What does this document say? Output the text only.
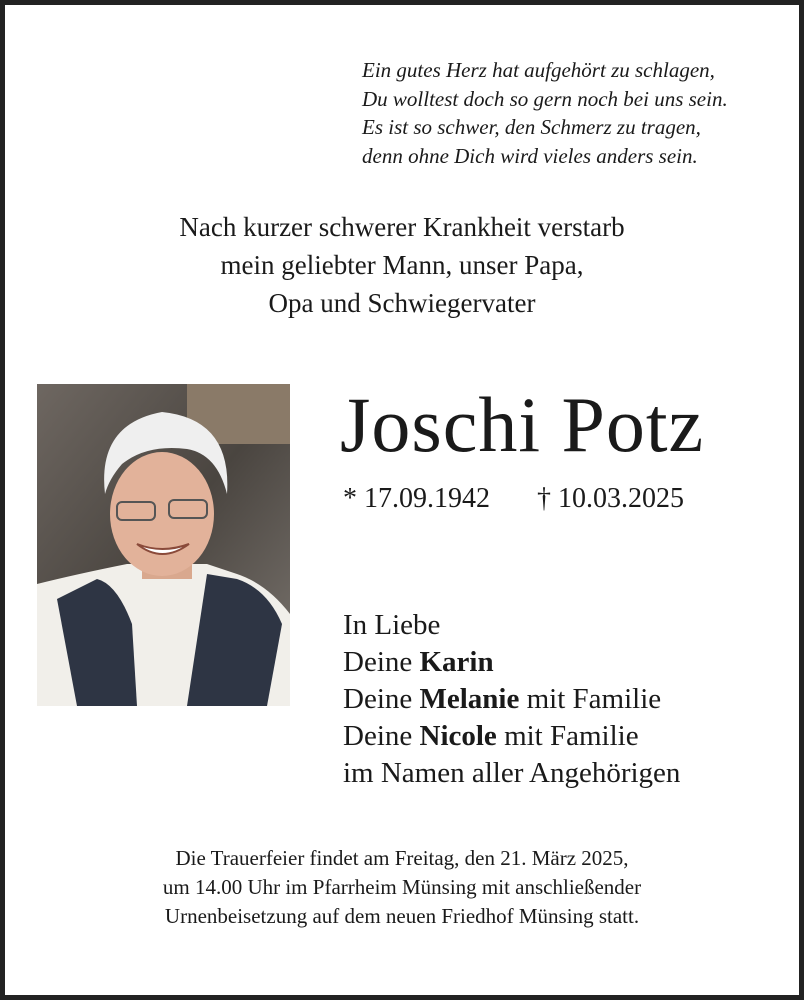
Ein gutes Herz hat aufgehört zu schlagen,
Du wolltest doch so gern noch bei uns sein.
Es ist so schwer, den Schmerz zu tragen,
denn ohne Dich wird vieles anders sein.
Nach kurzer schwerer Krankheit verstarb
mein geliebter Mann, unser Papa,
Opa und Schwiegervater
Joschi Potz
* 17.09.1942 † 10.03.2025
In Liebe
Deine Karin
Deine Melanie mit Familie
Deine Nicole mit Familie
im Namen aller Angehörigen
Die Trauerfeier findet am Freitag, den 21. März 2025,
um 14.00 Uhr im Pfarrheim Münsing mit anschließender
Urnenbeisetzung auf dem neuen Friedhof Münsing statt.
